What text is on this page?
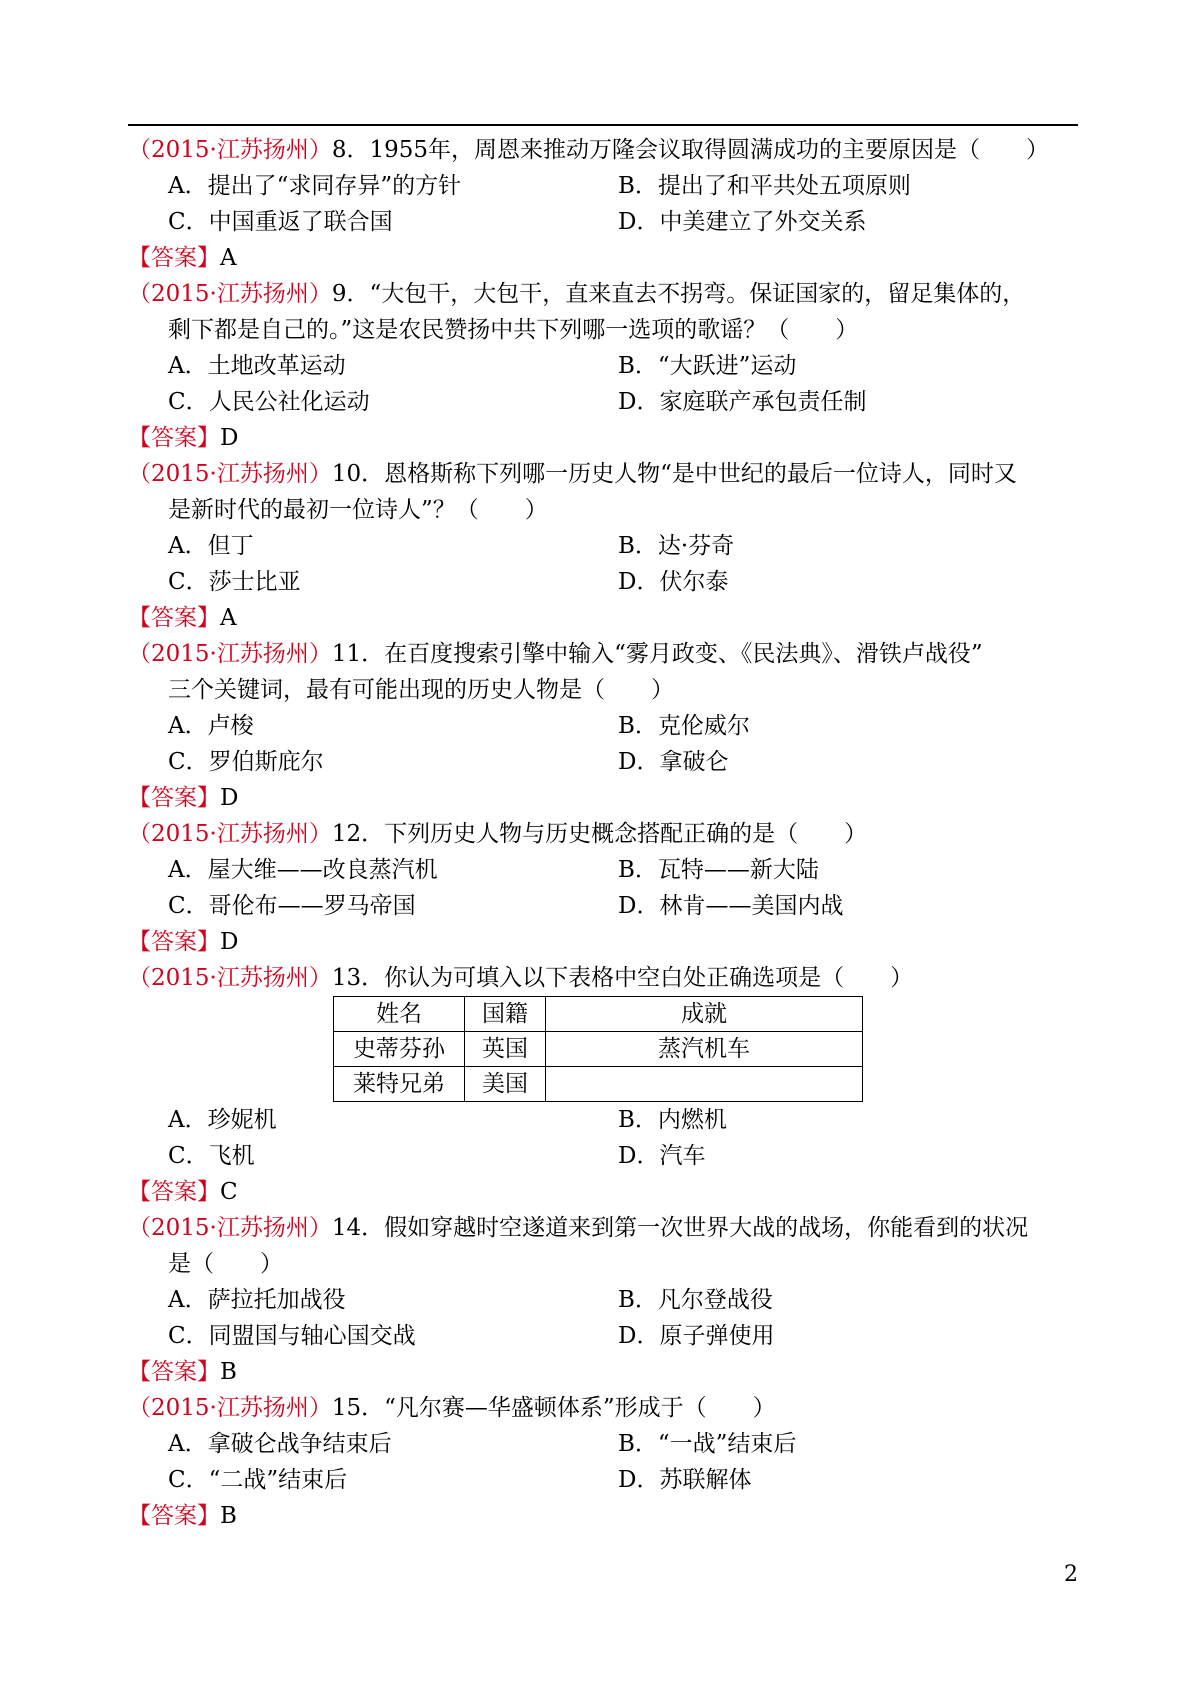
（2015·江苏扬州）8．1955年，周恩来推动万隆会议取得圆满成功的主要原因是（　　）

A．提出了“求同存异”的方针	B．提出了和平共处五项原则
C．中国重返了联合国	D．中美建立了外交关系

【答案】A

（2015·江苏扬州）9．“大包干，大包干，直来直去不拐弯。保证国家的，留足集体的，

剩下都是自己的。”这是农民赞扬中共下列哪一选项的歌谣？（　　）

A．土地改革运动	B．“大跃进”运动
C．人民公社化运动	D．家庭联产承包责任制

【答案】D

（2015·江苏扬州）10．恩格斯称下列哪一历史人物“是中世纪的最后一位诗人，同时又

是新时代的最初一位诗人”？（　　）

A．但丁	B．达·芬奇
C．莎士比亚	D．伏尔泰

【答案】A

（2015·江苏扬州）11．在百度搜索引擎中输入“雾月政变、《民法典》、滑铁卢战役”

三个关键词，最有可能出现的历史人物是（　　）

A．卢梭	B．克伦威尔
C．罗伯斯庇尔	D．拿破仑

【答案】D

（2015·江苏扬州）12．下列历史人物与历史概念搭配正确的是（　　）

A．屋大维——改良蒸汽机	B．瓦特——新大陆
C．哥伦布——罗马帝国	D．林肯——美国内战

【答案】D

（2015·江苏扬州）13．你认为可填入以下表格中空白处正确选项是（　　）

姓名	国籍	成就
史蒂芬孙	英国	蒸汽机车
莱特兄弟	美国	
A．珍妮机	B．内燃机
C．飞机	D．汽车

【答案】C

（2015·江苏扬州）14．假如穿越时空遂道来到第一次世界大战的战场，你能看到的状况

是（　　）

A．萨拉托加战役	B．凡尔登战役
C．同盟国与轴心国交战	D．原子弹使用

【答案】B

（2015·江苏扬州）15．“凡尔赛—华盛顿体系”形成于（　　）

A．拿破仑战争结束后	B．“一战”结束后
C．“二战”结束后	D．苏联解体

【答案】B

2
